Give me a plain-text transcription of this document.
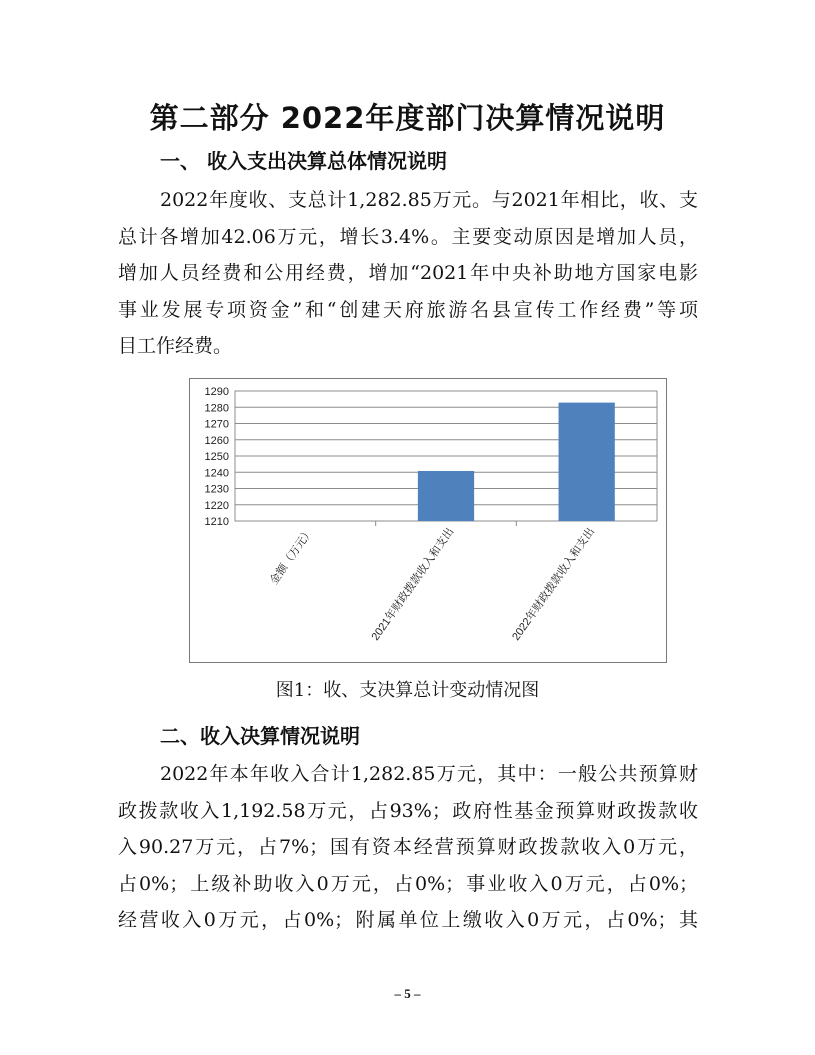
第二部分 2022年度部门决算情况说明
一、 收入支出决算总体情况说明
2022年度收、支总计1,282.85万元。与2021年相比，收、支
总计各增加42.06万元，增长3.4%。主要变动原因是增加人员，
增加人员经费和公用经费，增加“2021年中央补助地方国家电影
事业发展专项资金”和“创建天府旅游名县宣传工作经费”等项
目工作经费。
1210
1220
1230
1240
1250
1260
1270
1280
1290
金额（万元）	2021年财政拨款收入和支出	2022年财政拨款收入和支出
图1：收、支决算总计变动情况图
二、收入决算情况说明
2022年本年收入合计1,282.85万元，其中：一般公共预算财
政拨款收入1,192.58万元，占93%；政府性基金预算财政拨款收
入90.27万元，占7%；国有资本经营预算财政拨款收入0万元，
占0%；上级补助收入0万元，占0%；事业收入0万元，占0%；
经营收入0万元，占0%；附属单位上缴收入0万元，占0%；其
– 5 –
